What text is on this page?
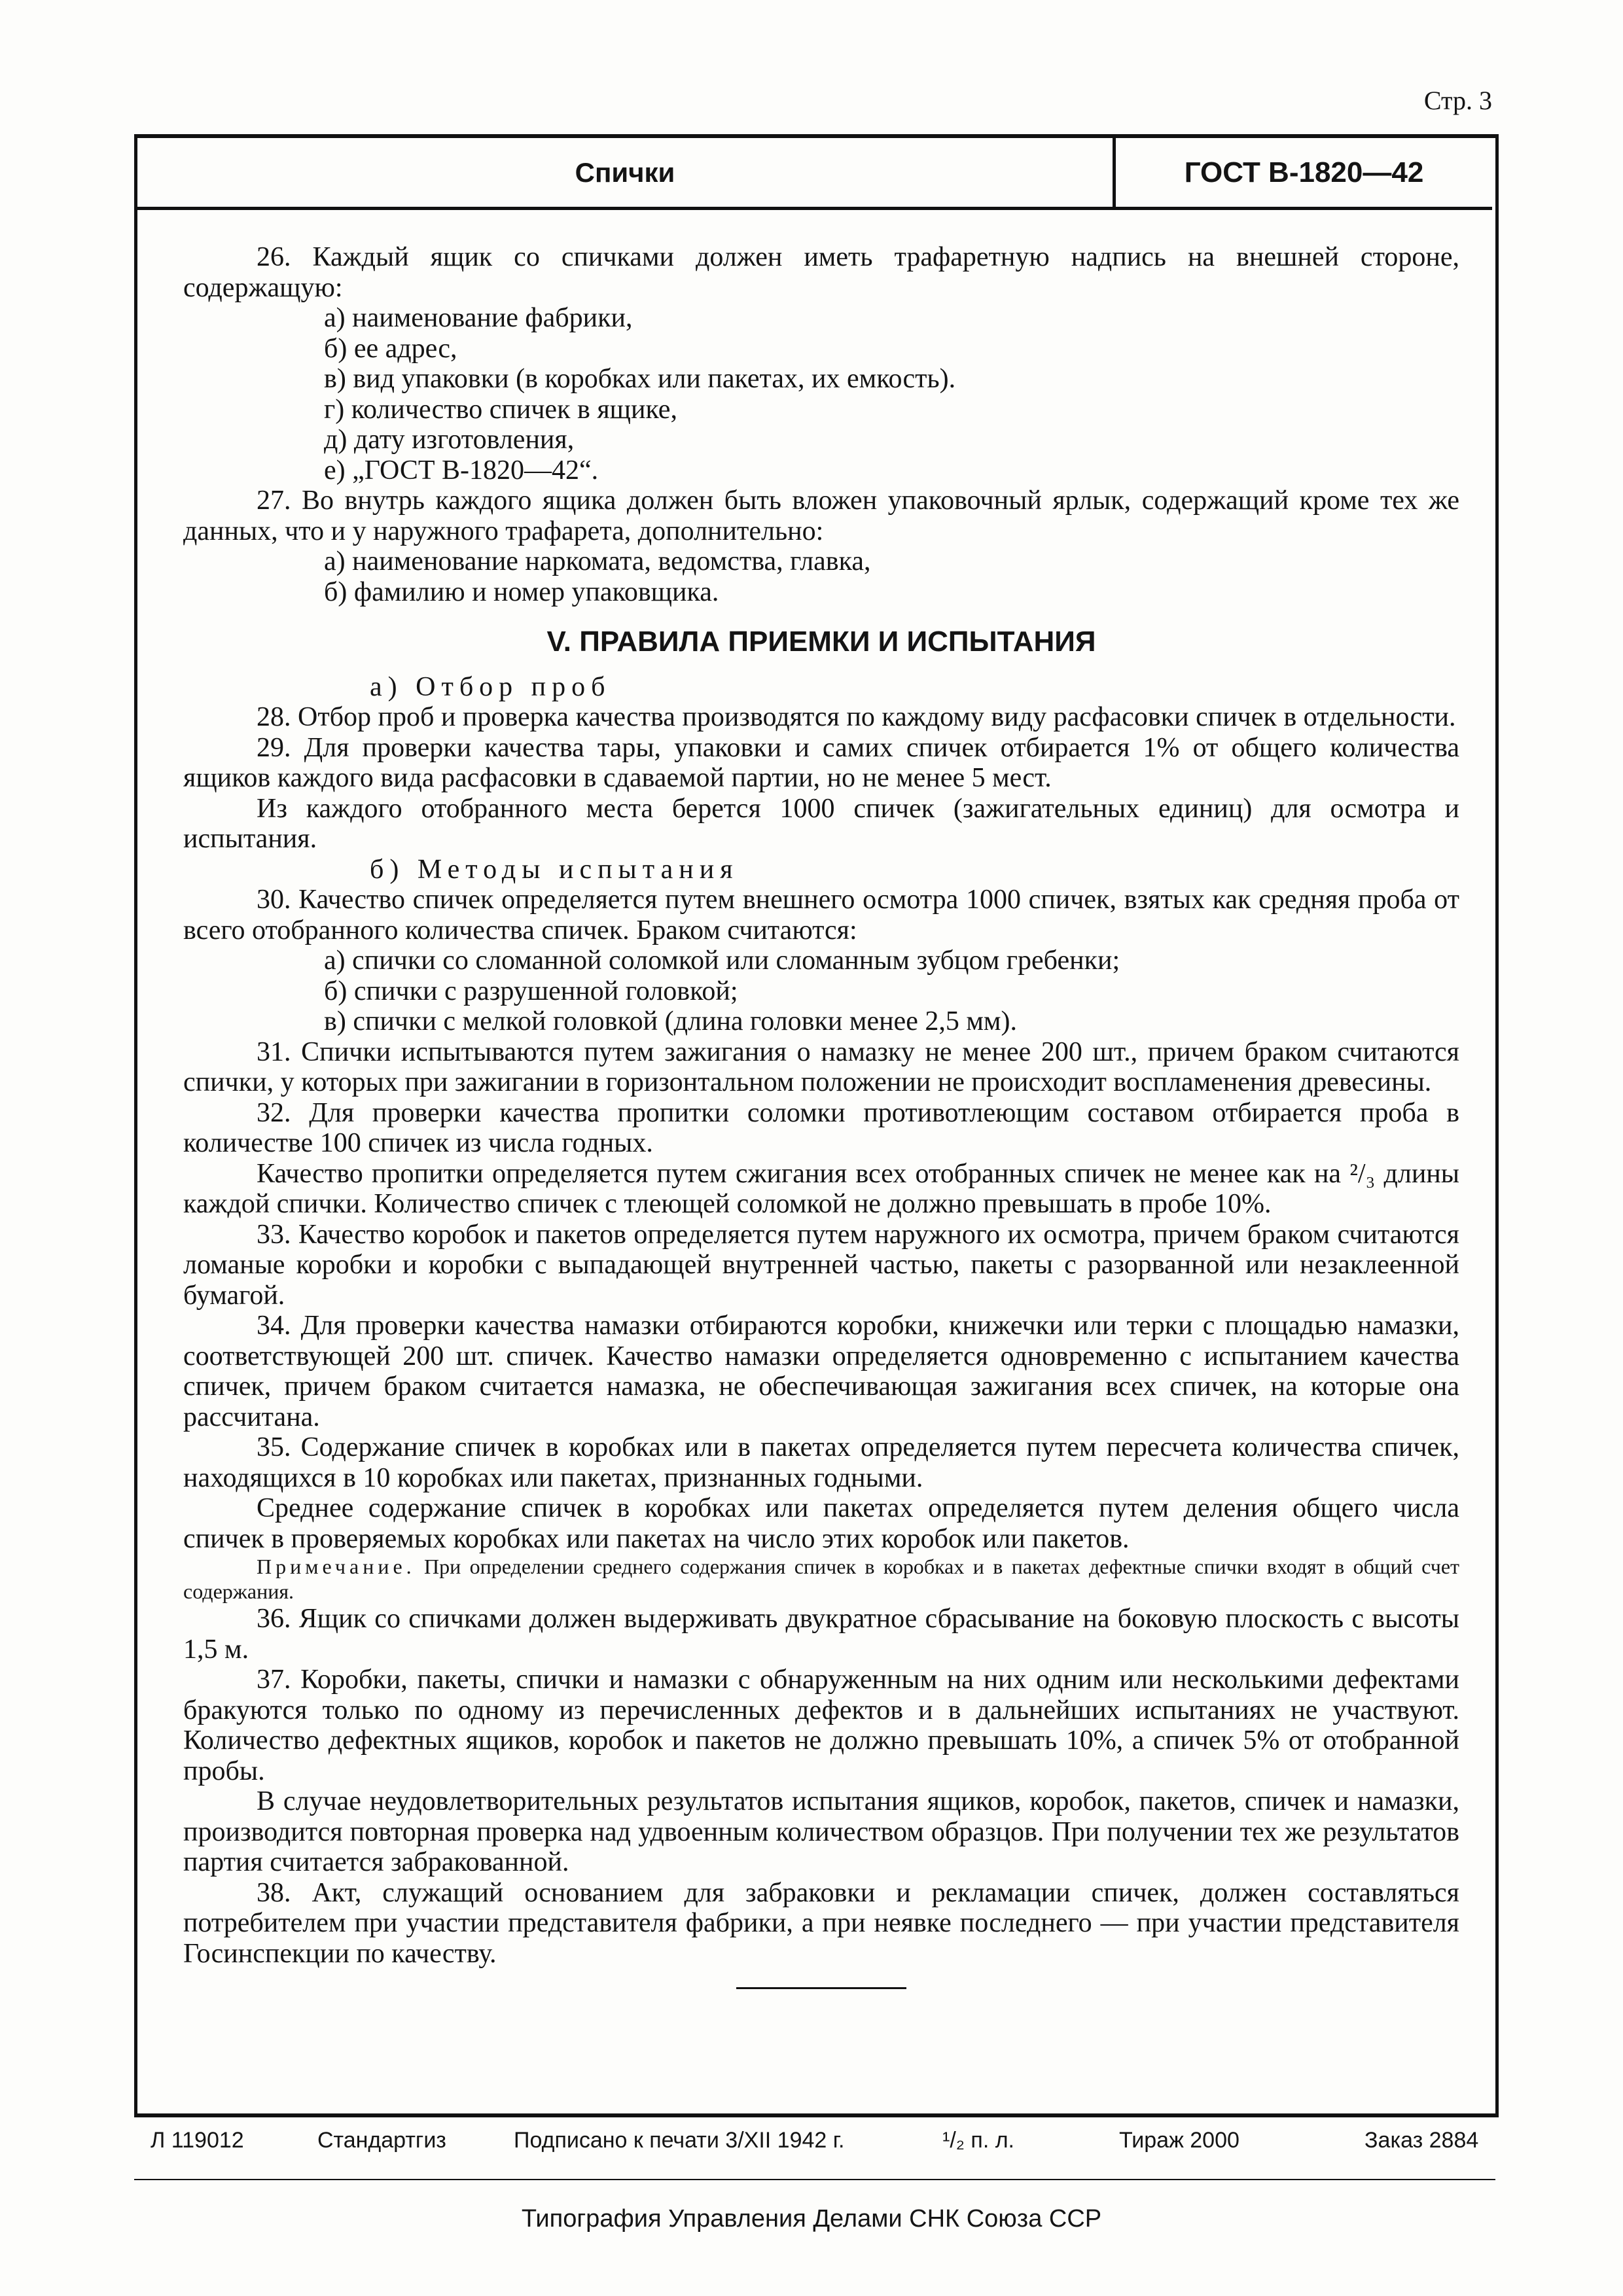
Стр. 3
Спички	ГОСТ В-1820—42

26. Каждый ящик со спичками должен иметь трафаретную надпись на внешней стороне, содержащую:

а) наименование фабрики,

б) ее адрес,

в) вид упаковки (в коробках или пакетах, их емкость).

г) количество спичек в ящике,

д) дату изготовления,

е) „ГОСТ В-1820—42“.

27. Во внутрь каждого ящика должен быть вложен упаковочный ярлык, содержащий кроме тех же данных, что и у наружного трафарета, дополнительно:

а) наименование наркомата, ведомства, главка,

б) фамилию и номер упаковщика.

V. ПРАВИЛА ПРИЕМКИ И ИСПЫТАНИЯ

а) Отбор проб

28. Отбор проб и проверка качества производятся по каждому виду расфасовки спичек в отдельности.

29. Для проверки качества тары, упаковки и самих спичек отбирается 1% от общего количества ящиков каждого вида расфасовки в сдаваемой партии, но не менее 5 мест.

Из каждого отобранного места берется 1000 спичек (зажигательных единиц) для осмотра и испытания.

б) Методы испытания

30. Качество спичек определяется путем внешнего осмотра 1000 спичек, взятых как средняя проба от всего отобранного количества спичек. Браком считаются:

а) спички со сломанной соломкой или сломанным зубцом гребенки;

б) спички с разрушенной головкой;

в) спички с мелкой головкой (длина головки менее 2,5 мм).

31. Спички испытываются путем зажигания о намазку не менее 200 шт., причем браком считаются спички, у которых при зажигании в горизонтальном положении не происходит воспламенения древесины.

32. Для проверки качества пропитки соломки противотлеющим составом отбирается проба в количестве 100 спичек из числа годных.

Качество пропитки определяется путем сжигания всех отобранных спичек не менее как на ²/₃ длины каждой спички. Количество спичек с тлеющей соломкой не должно превышать в пробе 10%.

33. Качество коробок и пакетов определяется путем наружного их осмотра, причем браком считаются ломаные коробки и коробки с выпадающей внутренней частью, пакеты с разорванной или незаклеенной бумагой.

34. Для проверки качества намазки отбираются коробки, книжечки или терки с площадью намазки, соответствующей 200 шт. спичек. Качество намазки определяется одновременно с испытанием качества спичек, причем браком считается намазка, не обеспечивающая зажигания всех спичек, на которые она рассчитана.

35. Содержание спичек в коробках или в пакетах определяется путем пересчета количества спичек, находящихся в 10 коробках или пакетах, признанных годными.

Среднее содержание спичек в коробках или пакетах определяется путем деления общего числа спичек в проверяемых коробках или пакетах на число этих коробок или пакетов.

Примечание. При определении среднего содержания спичек в коробках и в пакетах дефектные спички входят в общий счет содержания.

36. Ящик со спичками должен выдерживать двукратное сбрасывание на боковую плоскость с высоты 1,5 м.

37. Коробки, пакеты, спички и намазки с обнаруженным на них одним или несколькими дефектами бракуются только по одному из перечисленных дефектов и в дальнейших испытаниях не участвуют. Количество дефектных ящиков, коробок и пакетов не должно превышать 10%, а спичек 5% от отобранной пробы.

В случае неудовлетворительных результатов испытания ящиков, коробок, пакетов, спичек и намазки, производится повторная проверка над удвоенным количеством образцов. При получении тех же результатов партия считается забракованной.

38. Акт, служащий основанием для забраковки и рекламации спичек, должен составляться потребителем при участии представителя фабрики, а при неявке последнего — при участии представителя Госинспекции по качеству.

Л 119012	Стандартгиз	Подписано к печати 3/XII 1942 г.	¹/₂ п. л.	Тираж 2000	Заказ 2884
Типография Управления Делами СНК Союза ССР
